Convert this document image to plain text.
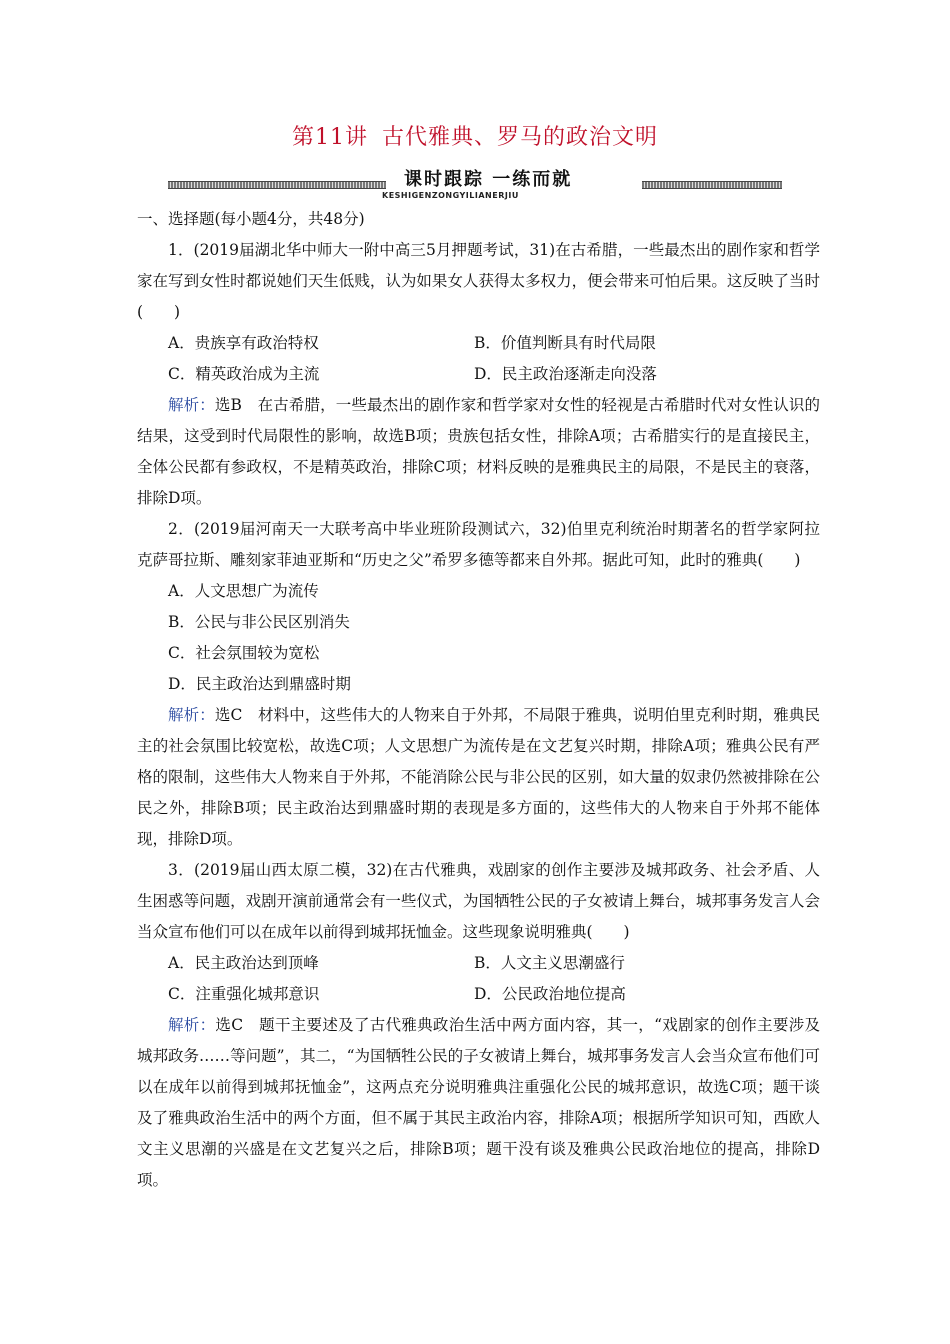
第11讲 古代雅典、罗马的政治文明
课时跟踪 一练而就
KESHIGENZONGYILIANERJIU

一、选择题(每小题4分，共48分)

1．(2019届湖北华中师大一附中高三5月押题考试，31)在古希腊，一些最杰出的剧作家和哲学家在写到女性时都说她们天生低贱，认为如果女人获得太多权力，便会带来可怕后果。这反映了当时(　　)

A．贵族享有政治特权	B．价值判断具有时代局限
C．精英政治成为主流	D．民主政治逐渐走向没落

解析：选B　在古希腊，一些最杰出的剧作家和哲学家对女性的轻视是古希腊时代对女性认识的结果，这受到时代局限性的影响，故选B项；贵族包括女性，排除A项；古希腊实行的是直接民主，全体公民都有参政权，不是精英政治，排除C项；材料反映的是雅典民主的局限，不是民主的衰落，排除D项。

2．(2019届河南天一大联考高中毕业班阶段测试六，32)伯里克利统治时期著名的哲学家阿拉克萨哥拉斯、雕刻家菲迪亚斯和“历史之父”希罗多德等都来自外邦。据此可知，此时的雅典(　　)

A．人文思想广为流传

B．公民与非公民区别消失

C．社会氛围较为宽松

D．民主政治达到鼎盛时期

解析：选C　材料中，这些伟大的人物来自于外邦，不局限于雅典，说明伯里克利时期，雅典民主的社会氛围比较宽松，故选C项；人文思想广为流传是在文艺复兴时期，排除A项；雅典公民有严格的限制，这些伟大人物来自于外邦，不能消除公民与非公民的区别，如大量的奴隶仍然被排除在公民之外，排除B项；民主政治达到鼎盛时期的表现是多方面的，这些伟大的人物来自于外邦不能体现，排除D项。

3．(2019届山西太原二模，32)在古代雅典，戏剧家的创作主要涉及城邦政务、社会矛盾、人生困惑等问题，戏剧开演前通常会有一些仪式，为国牺牲公民的子女被请上舞台，城邦事务发言人会当众宣布他们可以在成年以前得到城邦抚恤金。这些现象说明雅典(　　)

A．民主政治达到顶峰	B．人文主义思潮盛行
C．注重强化城邦意识	D．公民政治地位提高

解析：选C　题干主要述及了古代雅典政治生活中两方面内容，其一，“戏剧家的创作主要涉及城邦政务……等问题”，其二，“为国牺牲公民的子女被请上舞台，城邦事务发言人会当众宣布他们可以在成年以前得到城邦抚恤金”，这两点充分说明雅典注重强化公民的城邦意识，故选C项；题干谈及了雅典政治生活中的两个方面，但不属于其民主政治内容，排除A项；根据所学知识可知，西欧人文主义思潮的兴盛是在文艺复兴之后，排除B项；题干没有谈及雅典公民政治地位的提高，排除D项。
